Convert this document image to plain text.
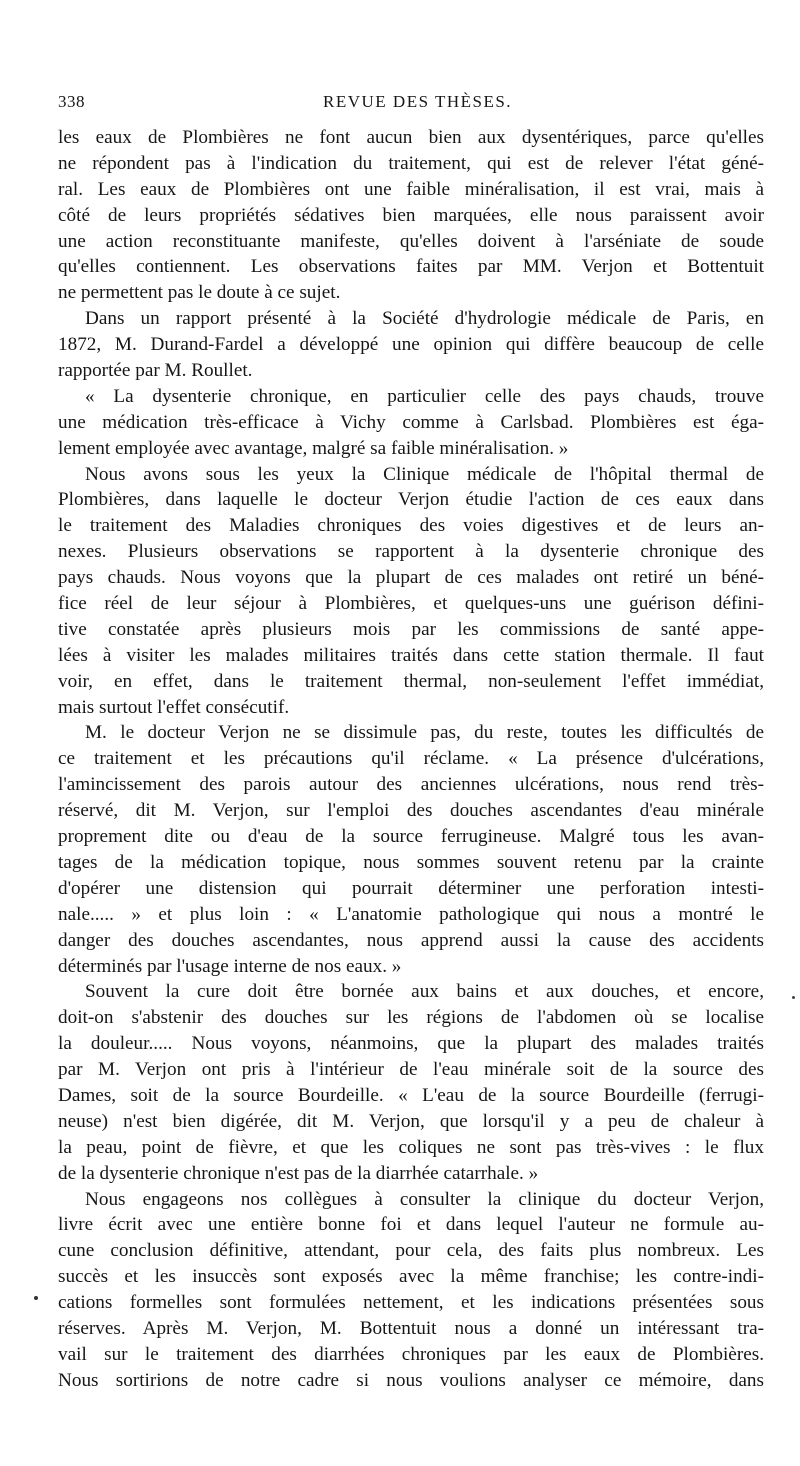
338	REVUE DES THÈSES.
les eaux de Plombières ne font aucun bien aux dysentériques, parce qu'elles
ne répondent pas à l'indication du traitement, qui est de relever l'état géné-
ral. Les eaux de Plombières ont une faible minéralisation, il est vrai, mais à
côté de leurs propriétés sédatives bien marquées, elle nous paraissent avoir
une action reconstituante manifeste, qu'elles doivent à l'arséniate de soude
qu'elles contiennent. Les observations faites par MM. Verjon et Bottentuit
ne permettent pas le doute à ce sujet.
Dans un rapport présenté à la Société d'hydrologie médicale de Paris, en
1872, M. Durand-Fardel a développé une opinion qui diffère beaucoup de celle
rapportée par M. Roullet.
« La dysenterie chronique, en particulier celle des pays chauds, trouve
une médication très-efficace à Vichy comme à Carlsbad. Plombières est éga-
lement employée avec avantage, malgré sa faible minéralisation. »
Nous avons sous les yeux la Clinique médicale de l'hôpital thermal de
Plombières, dans laquelle le docteur Verjon étudie l'action de ces eaux dans
le traitement des Maladies chroniques des voies digestives et de leurs an-
nexes. Plusieurs observations se rapportent à la dysenterie chronique des
pays chauds. Nous voyons que la plupart de ces malades ont retiré un béné-
fice réel de leur séjour à Plombières, et quelques-uns une guérison défini-
tive constatée après plusieurs mois par les commissions de santé appe-
lées à visiter les malades militaires traités dans cette station thermale. Il faut
voir, en effet, dans le traitement thermal, non-seulement l'effet immédiat,
mais surtout l'effet consécutif.
M. le docteur Verjon ne se dissimule pas, du reste, toutes les difficultés de
ce traitement et les précautions qu'il réclame. « La présence d'ulcérations,
l'amincissement des parois autour des anciennes ulcérations, nous rend très-
réservé, dit M. Verjon, sur l'emploi des douches ascendantes d'eau minérale
proprement dite ou d'eau de la source ferrugineuse. Malgré tous les avan-
tages de la médication topique, nous sommes souvent retenu par la crainte
d'opérer une distension qui pourrait déterminer une perforation intesti-
nale..... » et plus loin : « L'anatomie pathologique qui nous a montré le
danger des douches ascendantes, nous apprend aussi la cause des accidents
déterminés par l'usage interne de nos eaux. »
Souvent la cure doit être bornée aux bains et aux douches, et encore,
doit-on s'abstenir des douches sur les régions de l'abdomen où se localise
la douleur..... Nous voyons, néanmoins, que la plupart des malades traités
par M. Verjon ont pris à l'intérieur de l'eau minérale soit de la source des
Dames, soit de la source Bourdeille. « L'eau de la source Bourdeille (ferrugi-
neuse) n'est bien digérée, dit M. Verjon, que lorsqu'il y a peu de chaleur à
la peau, point de fièvre, et que les coliques ne sont pas très-vives : le flux
de la dysenterie chronique n'est pas de la diarrhée catarrhale. »
Nous engageons nos collègues à consulter la clinique du docteur Verjon,
livre écrit avec une entière bonne foi et dans lequel l'auteur ne formule au-
cune conclusion définitive, attendant, pour cela, des faits plus nombreux. Les
succès et les insuccès sont exposés avec la même franchise; les contre-indi-
cations formelles sont formulées nettement, et les indications présentées sous
réserves. Après M. Verjon, M. Bottentuit nous a donné un intéressant tra-
vail sur le traitement des diarrhées chroniques par les eaux de Plombières.
Nous sortirions de notre cadre si nous voulions analyser ce mémoire, dans
